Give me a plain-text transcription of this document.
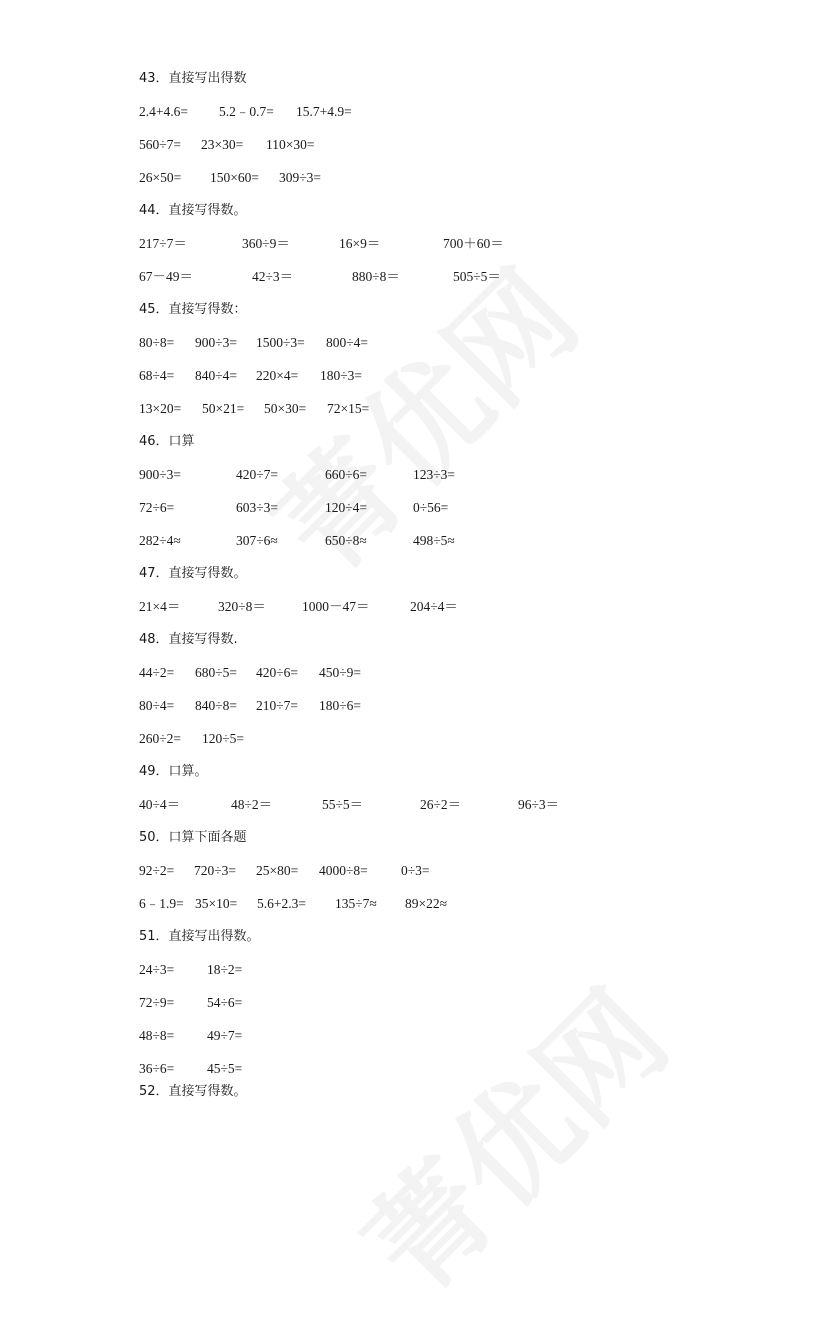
43．直接写出得数
2.4+4.6= 5.2﹣0.7= 15.7+4.9=
560÷7= 23×30= 110×30=
26×50= 150×60= 309÷3=
44．直接写得数。
217÷7＝	360÷9＝	16×9＝	700＋60＝
67－49＝	42÷3＝	880÷8＝	505÷5＝
45．直接写得数：
80÷8= 900÷3= 1500÷3= 800÷4=
68÷4= 840÷4= 220×4= 180÷3=
13×20= 50×21= 50×30= 72×15=
46．口算
900÷3=	420÷7=	660÷6=	123÷3=
72÷6=	603÷3=	120÷4=	0÷56=
282÷4≈	307÷6≈	650÷8≈	498÷5≈
47．直接写得数。
21×4＝	320÷8＝	1000－47＝	204÷4＝
48．直接写得数.
44÷2= 680÷5= 420÷6= 450÷9=
80÷4= 840÷8= 210÷7= 180÷6=
260÷2= 120÷5=
49．口算。
40÷4＝	48÷2＝	55÷5＝	26÷2＝	96÷3＝
50．口算下面各题
92÷2= 720÷3= 25×80= 4000÷8= 0÷3=
6﹣1.9= 35×10= 5.6+2.3= 135÷7≈ 89×22≈
51．直接写出得数。
24÷3= 18÷2=
72÷9= 54÷6=
48÷8= 49÷7=
36÷6= 45÷5=
52．直接写得数。
